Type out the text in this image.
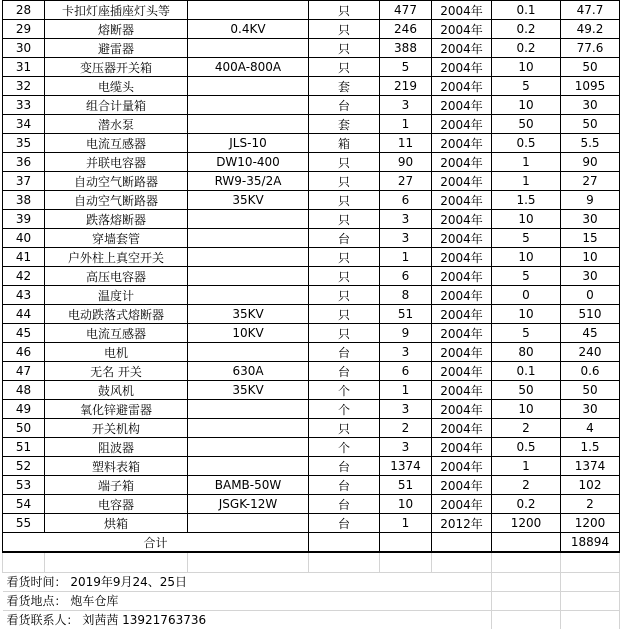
28	卡扣灯座插座灯头等		只	477	2004年	0.1	47.7
29	熔断器	0.4KV	只	246	2004年	0.2	49.2
30	避雷器		只	388	2004年	0.2	77.6
31	变压器开关箱	400A-800A	只	5	2004年	10	50
32	电缆头		套	219	2004年	5	1095
33	组合计量箱		台	3	2004年	10	30
34	潜水泵		套	1	2004年	50	50
35	电流互感器	JLS-10	箱	11	2004年	0.5	5.5
36	并联电容器	DW10-400	只	90	2004年	1	90
37	自动空气断路器	RW9-35/2A	只	27	2004年	1	27
38	自动空气断路器	35KV	只	6	2004年	1.5	9
39	跌落熔断器		只	3	2004年	10	30
40	穿墙套管		台	3	2004年	5	15
41	户外柱上真空开关		只	1	2004年	10	10
42	高压电容器		只	6	2004年	5	30
43	温度计		只	8	2004年	0	0
44	电动跌落式熔断器	35KV	只	51	2004年	10	510
45	电流互感器	10KV	只	9	2004年	5	45
46	电机		台	3	2004年	80	240
47	无名 开关	630A	台	6	2004年	0.1	0.6
48	鼓风机	35KV	个	1	2004年	50	50
49	氧化锌避雷器		个	3	2004年	10	30
50	开关机构		只	2	2004年	2	4
51	阻波器		个	3	2004年	0.5	1.5
52	塑料表箱		台	1374	2004年	1	1374
53	端子箱	BAMB-50W	台	51	2004年	2	102
54	电容器	JSGK-12W	台	10	2004年	0.2	2
55	烘箱		台	1	2012年	1200	1200
合计							18894

看货时间： 2019年9月24、25日							
看货地点： 炮车仓库							
看货联系人： 刘茜茜 13921763736							
